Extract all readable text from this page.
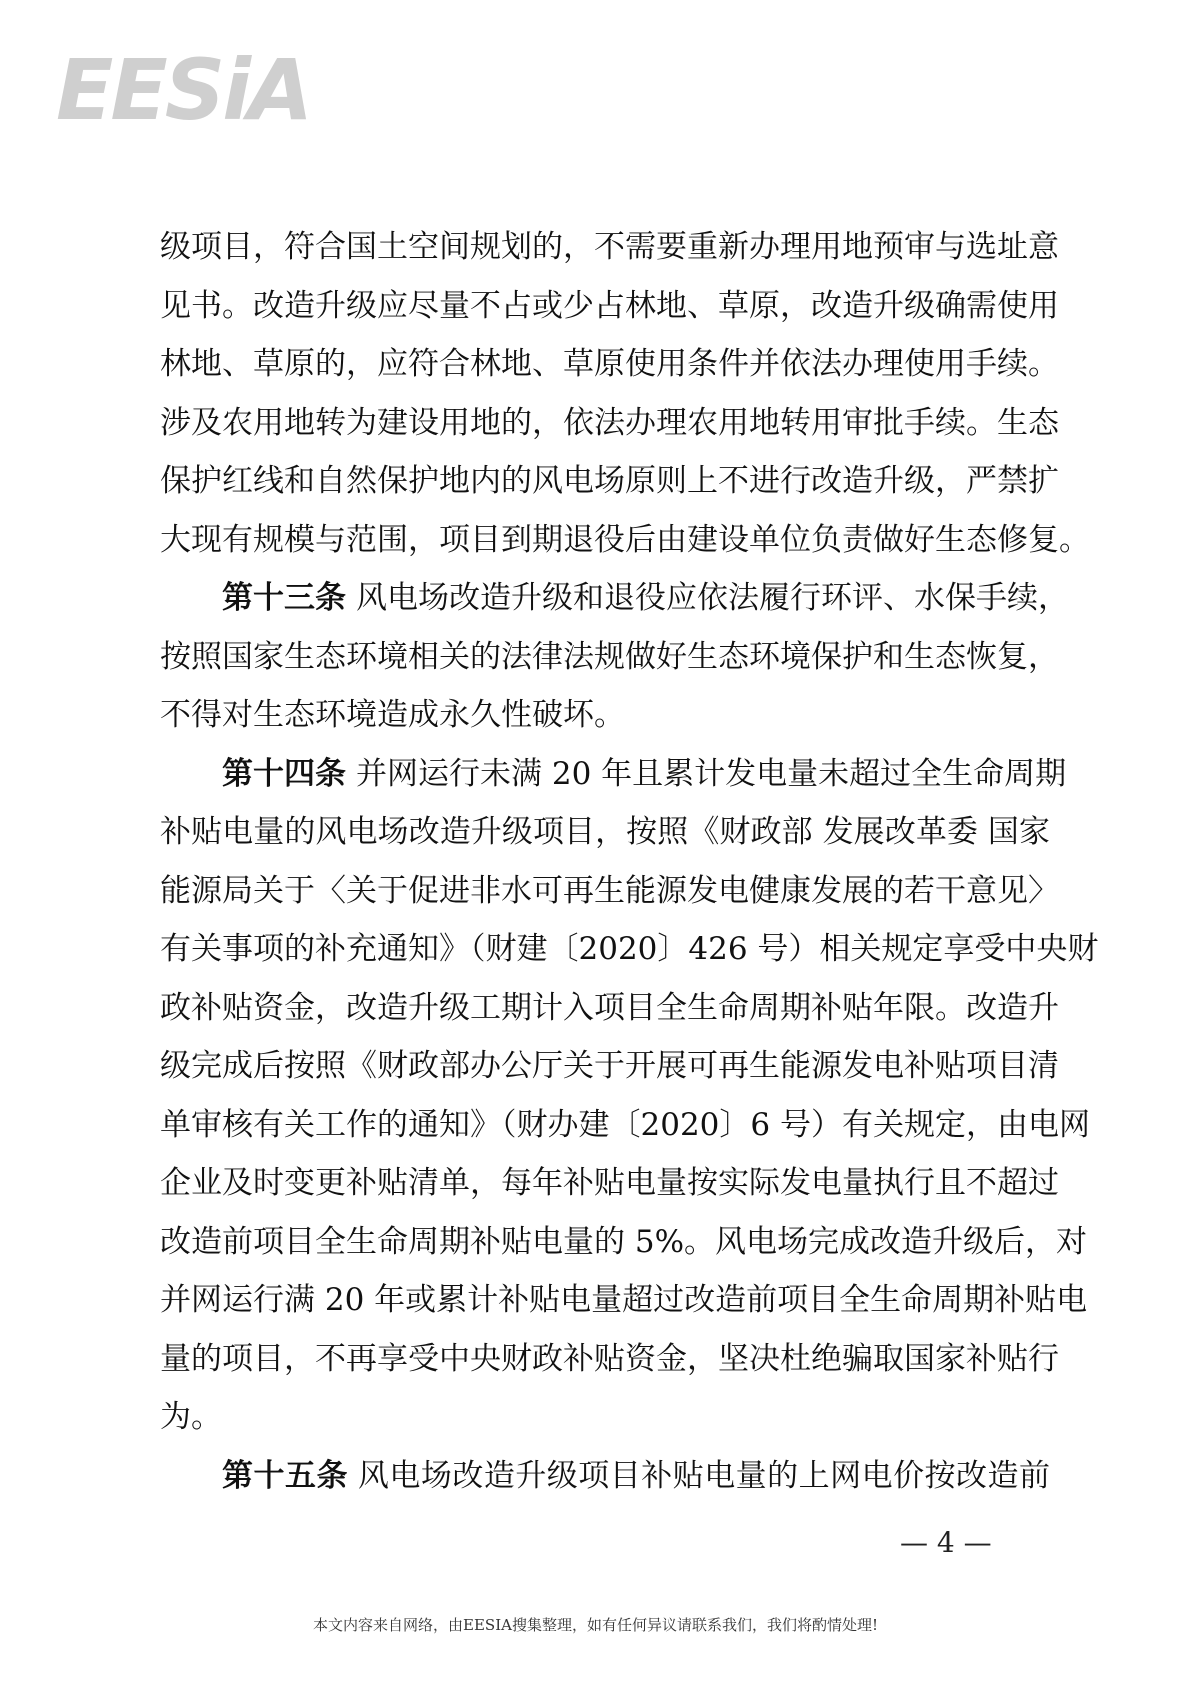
EESiA
级项目，符合国土空间规划的，不需要重新办理用地预审与选址意
见书。改造升级应尽量不占或少占林地、草原，改造升级确需使用
林地、草原的，应符合林地、草原使用条件并依法办理使用手续。
涉及农用地转为建设用地的，依法办理农用地转用审批手续。生态
保护红线和自然保护地内的风电场原则上不进行改造升级，严禁扩
大现有规模与范围，项目到期退役后由建设单位负责做好生态修复。
第十三条 风电场改造升级和退役应依法履行环评、水保手续，
按照国家生态环境相关的法律法规做好生态环境保护和生态恢复，
不得对生态环境造成永久性破坏。
第十四条 并网运行未满 20 年且累计发电量未超过全生命周期
补贴电量的风电场改造升级项目，按照《财政部 发展改革委 国家
能源局关于〈关于促进非水可再生能源发电健康发展的若干意见〉
有关事项的补充通知》（财建〔2020〕426 号）相关规定享受中央财
政补贴资金，改造升级工期计入项目全生命周期补贴年限。改造升
级完成后按照《财政部办公厅关于开展可再生能源发电补贴项目清
单审核有关工作的通知》（财办建〔2020〕6 号）有关规定，由电网
企业及时变更补贴清单，每年补贴电量按实际发电量执行且不超过
改造前项目全生命周期补贴电量的 5%。风电场完成改造升级后，对
并网运行满 20 年或累计补贴电量超过改造前项目全生命周期补贴电
量的项目，不再享受中央财政补贴资金，坚决杜绝骗取国家补贴行
为。
第十五条 风电场改造升级项目补贴电量的上网电价按改造前
— 4 —
本文内容来自网络，由EESIA搜集整理，如有任何异议请联系我们，我们将酌情处理!
